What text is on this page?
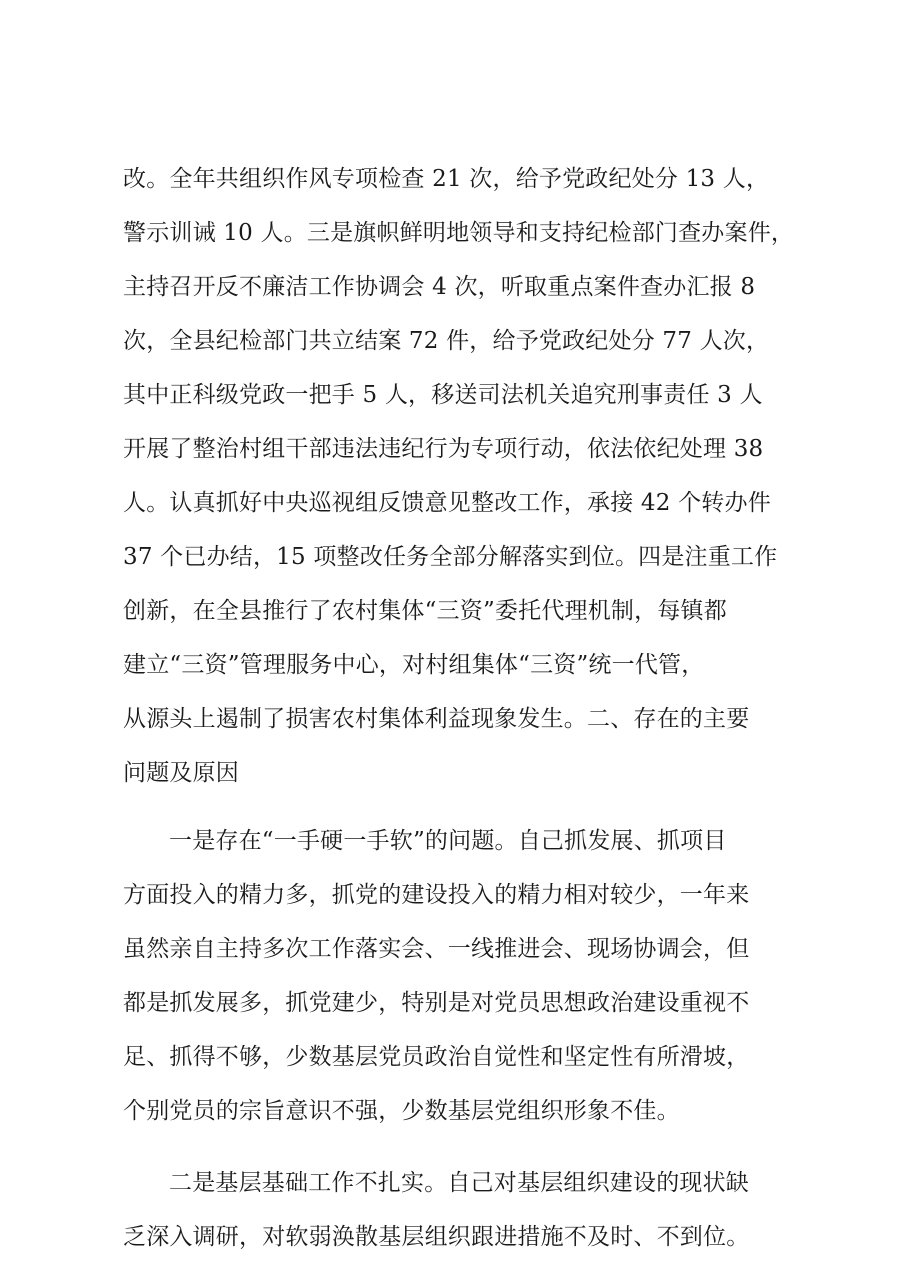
改。全年共组织作风专项检查 21 次，给予党政纪处分 13 人，
警示训诫 10 人。三是旗帜鲜明地领导和支持纪检部门查办案件，
主持召开反不廉洁工作协调会 4 次，听取重点案件查办汇报 8
次，全县纪检部门共立结案 72 件，给予党政纪处分 77 人次，
其中正科级党政一把手 5 人，移送司法机关追究刑事责任 3 人
开展了整治村组干部违法违纪行为专项行动，依法依纪处理 38
人。认真抓好中央巡视组反馈意见整改工作，承接 42 个转办件
37 个已办结，15 项整改任务全部分解落实到位。四是注重工作
创新，在全县推行了农村集体“三资”委托代理机制，每镇都
建立“三资”管理服务中心，对村组集体“三资”统一代管，
从源头上遏制了损害农村集体利益现象发生。二、存在的主要
问题及原因
一是存在“一手硬一手软”的问题。自己抓发展、抓项目
方面投入的精力多，抓党的建设投入的精力相对较少，一年来
虽然亲自主持多次工作落实会、一线推进会、现场协调会，但
都是抓发展多，抓党建少，特别是对党员思想政治建设重视不
足、抓得不够，少数基层党员政治自觉性和坚定性有所滑坡，
个别党员的宗旨意识不强，少数基层党组织形象不佳。
二是基层基础工作不扎实。自己对基层组织建设的现状缺
乏深入调研，对软弱涣散基层组织跟进措施不及时、不到位。
